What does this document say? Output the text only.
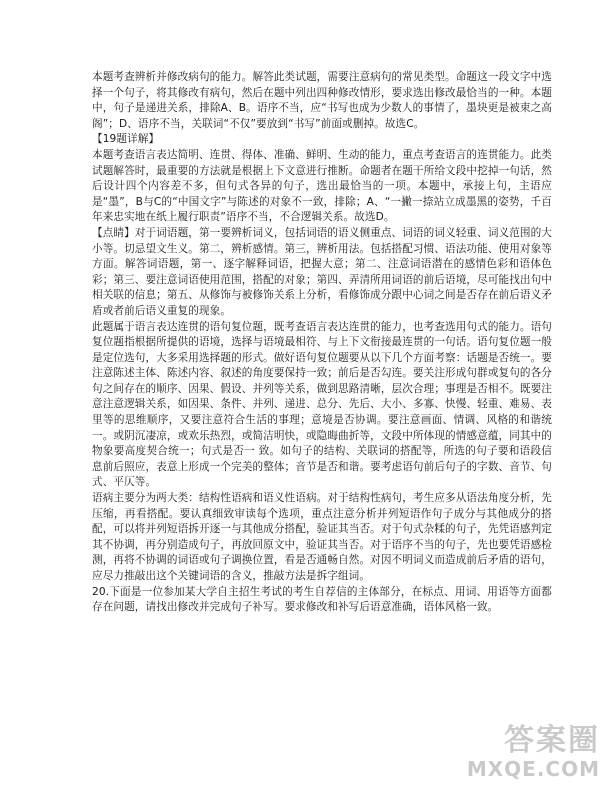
本题考查辨析并修改病句的能力。解答此类试题，需要注意病句的常见类型。命题这一段文字中选择一个句子，将其修改有病句，然后在题中列出四种修改情形，要求选出修改最恰当的一种。本题中，句子是递进关系，排除A、B。语序不当，应“书写也成为少数人的事情了，墨块更是被束之高阁”；D、语序不当，关联词“不仅”要放到“书写”前面或删掉。故选C。

【19题详解】

本题考查语言表达简明、连贯、得体、准确、鲜明、生动的能力，重点考查语言的连贯能力。此类试题解答时，最重要的方法就是根据上下文意进行推断。命题者在题干所给文段中挖掉一句话，然后设计四个内容差不多，但句式各异的句子，选出最恰当的一项。本题中，承接上句，主语应是“墨”，B与C的“中国文字”与陈述的对象不一致，排除；A、“一撇一捺站立成墨黑的姿势，千百年来忠实地在纸上履行职责”语序不当，不合逻辑关系。故选D。

【点睛】对于词语题，第一要辨析词义，包括词语的语义侧重点、词语的词义轻重、词义范围的大小等。切忌望文生义。第二，辨析感情。第三，辨析用法。包括搭配习惯、语法功能、使用对象等方面。解答词语题，第一、逐字解释词语，把握大意；第二、注意词语潜在的感情色彩和语体色彩；第三、要注意词语使用范围，搭配的对象；第四、弄清所用词语的前后语境，尽可能找出句中相关联的信息；第五、从修饰与被修饰关系上分析，看修饰成分跟中心词之间是否存在前后语义矛盾或者前后语义重复的现象。

此题属于语言表达连贯的语句复位题，既考查语言表达连贯的能力，也考查选用句式的能力。语句复位题指根据所提供的语境，选择与语境最相符、与上下文衔接最连贯的一句话。语句复位题一般是定位选句，大多采用选择题的形式。做好语句复位题要从以下几个方面考察：话题是否统一。要注意陈述主体、陈述内容、叙述的角度要保持一致；前后是否勾连。要关注形成句群或复句的各分句之间存在的顺序、因果、假设、并列等关系，做到思路清晰，层次合理；事理是否相不。既要注意注意逻辑关系，如因果、条件、并列、递进、总分、先后、大小、多寡、快慢、轻重、难易、表里等的思维顺序，又要注意符合生活的事理；意境是否协调。要注意画面、情调、风格的和谐统一。或阴沉凄凉，或欢乐热烈，或简洁明快，或隐晦曲折等，文段中所体现的情感意蕴，同其中的物象要高度契合统一；句式是否一 致。如句子的结构、关联词的搭配等，所选的句子要和语段信息前后照应，表意上形成一个完美的整体；音节是否和谐。要考虑语句前后句子的字数、音节、句式、平仄等。

语病主要分为两大类：结构性语病和语义性语病。对于结构性病句，考生应多从语法角度分析，先压缩，再看搭配。要认真细致审读每个选项，重点注意分析并列短语作句子成分与其他成分的搭配，可以将并列短语拆开逐一与其他成分搭配，验证其当否。对于句式杂糅的句子，先凭语感判定其不协调，再分别造成句子，再放回原文中，验证其当否。对于语序不当的句子，先也要凭语感检测，再将不协调的词语或句子调换位置，看是否通畅自然。对因不明词义而造成前后矛盾的语句，应尽力推敲出这个关键词语的含义，推敲方法是拆字组词。

20.下面是一位参加某大学自主招生考试的考生自荐信的主体部分，在标点、用词、用语等方面都存在问题，请找出修改并完成句子补写。要求修改和补写后语意准确，语体风格一致。

答案圈
MXQE.COM
